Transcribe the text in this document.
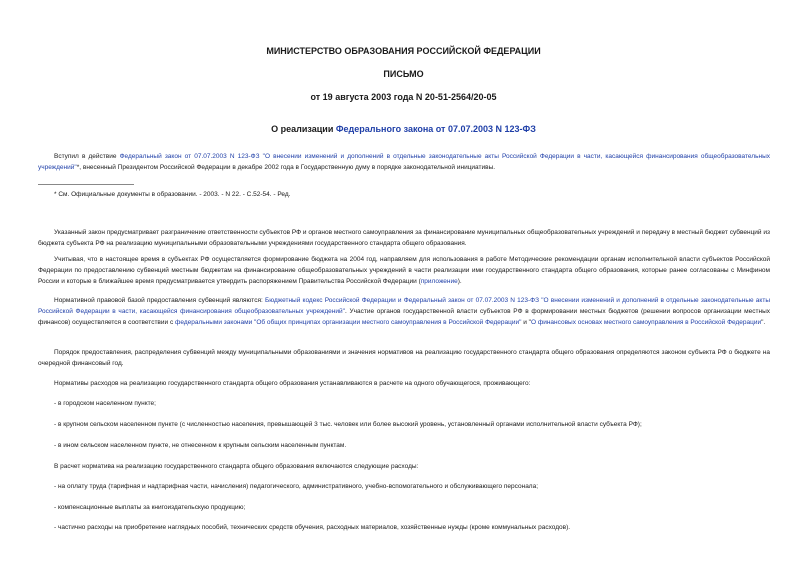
МИНИСТЕРСТВО ОБРАЗОВАНИЯ РОССИЙСКОЙ ФЕДЕРАЦИИ

ПИСЬМО

от 19 августа 2003 года N 20-51-2564/20-05

О реализации Федерального закона от 07.07.2003 N 123-ФЗ

Вступил в действие Федеральный закон от 07.07.2003 N 123-ФЗ "О внесении изменений и дополнений в отдельные законодательные акты Российской Федерации в части, касающейся финансирования общеобразовательных учреждений"*, внесенный Президентом Российской Федерации в декабре 2002 года в Государственную думу в порядке законодательной инициативы.

* См. Официальные документы в образовании. - 2003. - N 22. - С.52-54. - Ред.

Указанный закон предусматривает разграничение ответственности субъектов РФ и органов местного самоуправления за финансирование муниципальных общеобразовательных учреждений и передачу в местный бюджет субвенций из бюджета субъекта РФ на реализацию муниципальными образовательными учреждениями государственного стандарта общего образования.

Учитывая, что в настоящее время в субъектах РФ осуществляется формирование бюджета на 2004 год, направляем для использования в работе Методические рекомендации органам исполнительной власти субъектов Российской Федерации по предоставлению субвенций местным бюджетам на финансирование общеобразовательных учреждений в части реализации ими государственного стандарта общего образования, которые ранее согласованы с Минфином России и которые в ближайшее время предусматривается утвердить распоряжением Правительства Российской Федерации (приложение).

Нормативной правовой базой предоставления субвенций являются: Бюджетный кодекс Российской Федерации и Федеральный закон от 07.07.2003 N 123-ФЗ "О внесении изменений и дополнений в отдельные законодательные акты Российской Федерации в части, касающейся финансирования общеобразовательных учреждений". Участие органов государственной власти субъектов РФ в формировании местных бюджетов (решении вопросов организации местных финансов) осуществляется в соответствии с федеральными законами "Об общих принципах организации местного самоуправления в Российской Федерации" и "О финансовых основах местного самоуправления в Российской Федерации".

Порядок предоставления, распределения субвенций между муниципальными образованиями и значения нормативов на реализацию государственного стандарта общего образования определяются законом субъекта РФ о бюджете на очередной финансовый год.

Нормативы расходов на реализацию государственного стандарта общего образования устанавливаются в расчете на одного обучающегося, проживающего:

- в городском населенном пункте;

- в крупном сельском населенном пункте (с численностью населения, превышающей 3 тыс. человек или более высокий уровень, установленный органами исполнительной власти субъекта РФ);

- в ином сельском населенном пункте, не отнесенном к крупным сельским населенным пунктам.

В расчет норматива на реализацию государственного стандарта общего образования включаются следующие расходы:

- на оплату труда (тарифная и надтарифная части, начисления) педагогического, административного, учебно-вспомогательного и обслуживающего персонала;

- компенсационные выплаты за книгоиздательскую продукцию;

- частично расходы на приобретение наглядных пособий, технических средств обучения, расходных материалов, хозяйственные нужды (кроме коммунальных расходов).
